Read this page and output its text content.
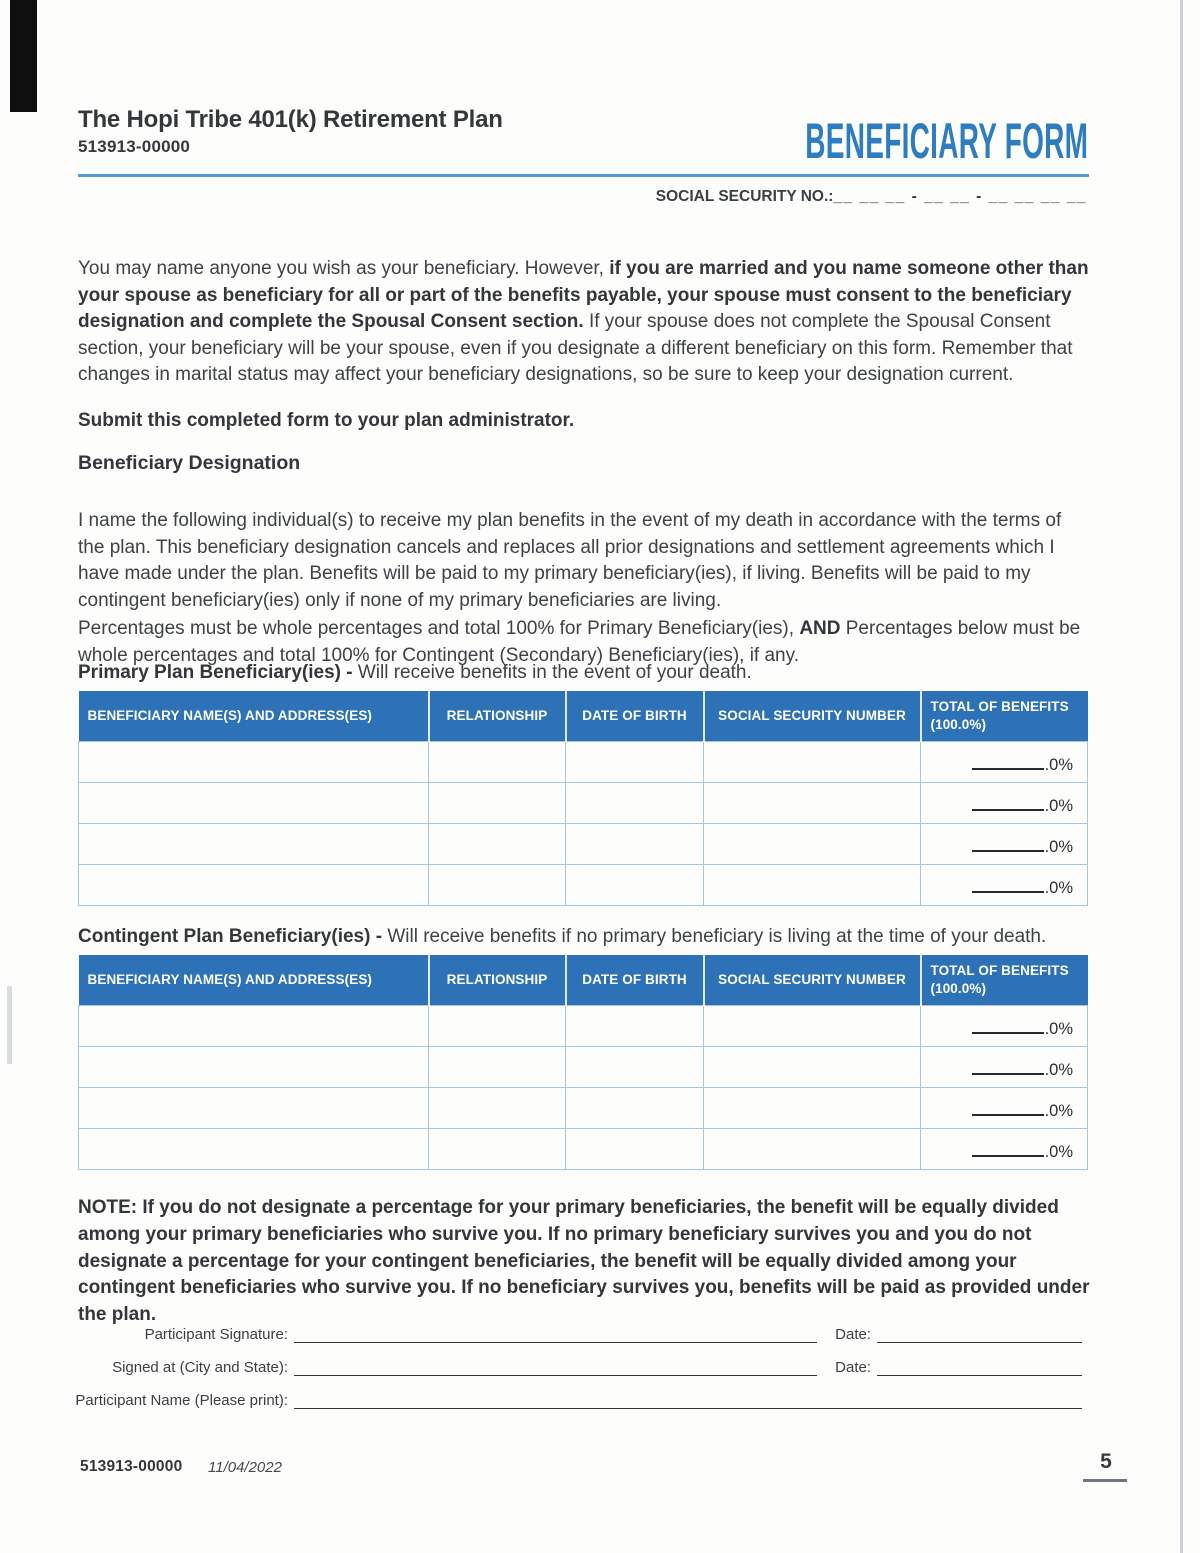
The Hopi Tribe 401(k) Retirement Plan
513913-00000	BENEFICIARY FORM
SOCIAL SECURITY NO.:__ __ __ - __ __ - __ __ __ __

You may name anyone you wish as your beneficiary. However, if you are married and you name someone other than your spouse as beneficiary for all or part of the benefits payable, your spouse must consent to the beneficiary designation and complete the Spousal Consent section. If your spouse does not complete the Spousal Consent section, your beneficiary will be your spouse, even if you designate a different beneficiary on this form. Remember that changes in marital status may affect your beneficiary designations, so be sure to keep your designation current.

Submit this completed form to your plan administrator.
Beneficiary Designation

I name the following individual(s) to receive my plan benefits in the event of my death in accordance with the terms of the plan. This beneficiary designation cancels and replaces all prior designations and settlement agreements which I have made under the plan. Benefits will be paid to my primary beneficiary(ies), if living. Benefits will be paid to my contingent beneficiary(ies) only if none of my primary beneficiaries are living.

Percentages must be whole percentages and total 100% for Primary Beneficiary(ies), AND Percentages below must be whole percentages and total 100% for Contingent (Secondary) Beneficiary(ies), if any.

Primary Plan Beneficiary(ies) - Will receive benefits in the event of your death.
BENEFICIARY NAME(S) AND ADDRESS(ES)	RELATIONSHIP	DATE OF BIRTH	SOCIAL SECURITY NUMBER	TOTAL OF BENEFITS (100.0%)
				.0%
				.0%
				.0%
				.0%
Contingent Plan Beneficiary(ies) - Will receive benefits if no primary beneficiary is living at the time of your death.
BENEFICIARY NAME(S) AND ADDRESS(ES)	RELATIONSHIP	DATE OF BIRTH	SOCIAL SECURITY NUMBER	TOTAL OF BENEFITS (100.0%)
				.0%
				.0%
				.0%
				.0%

NOTE: If you do not designate a percentage for your primary beneficiaries, the benefit will be equally divided among your primary beneficiaries who survive you. If no primary beneficiary survives you and you do not designate a percentage for your contingent beneficiaries, the benefit will be equally divided among your contingent beneficiaries who survive you. If no beneficiary survives you, benefits will be paid as provided under the plan.

Participant Signature:	Date:
Signed at (City and State):	Date:
Participant Name (Please print):
513913-00000 11/04/2022	5
